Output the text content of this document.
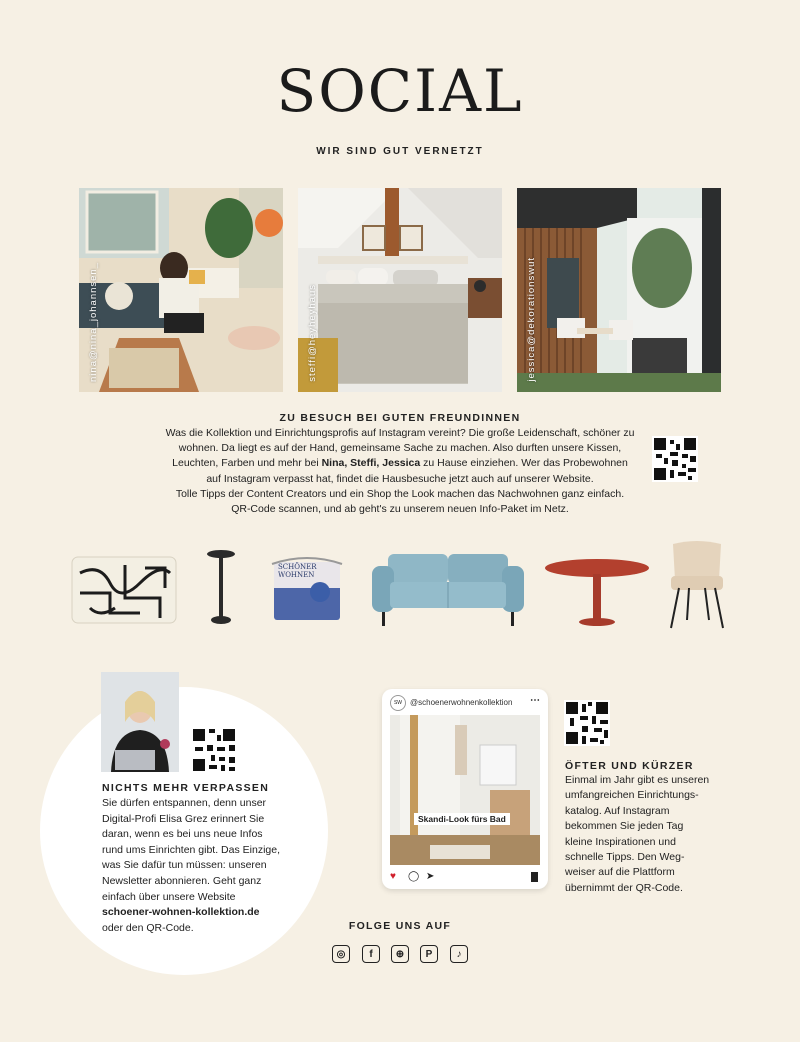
SOCIAL
WIR SIND GUT VERNETZT
nina@nina_johannsen_	steffi@heyheyhaus	jessica@dekorationswut
ZU BESUCH BEI GUTEN FREUNDINNEN
Was die Kollektion und Einrichtungsprofis auf Instagram vereint? Die große Leidenschaft, schöner zu
wohnen. Da liegt es auf der Hand, gemeinsame Sache zu machen. Also durften unsere Kissen,
Leuchten, Farben und mehr bei Nina, Steffi, Jessica zu Hause einziehen. Wer das Probewohnen
auf Instagram verpasst hat, findet die Hausbesuche jetzt auch auf unserer Website.
Tolle Tipps der Content Creators und ein Shop the Look machen das Nachwohnen ganz einfach.
QR-Code scannen, und ab geht's zu unserem neuen Info-Paket im Netz.
SCHÖNER
WOHNEN
NICHTS MEHR VERPASSEN
Sie dürfen entspannen, denn unser
Digital-Profi Elisa Grez erinnert Sie
daran, wenn es bei uns neue Infos
rund ums Einrichten gibt. Das Einzige,
was Sie dafür tun müssen: unseren
Newsletter abonnieren. Geht ganz
einfach über unsere Website
schoener-wohnen-kollektion.de
oder den QR-Code.
SW @schoenerwohnenkollektion ⋯
Skandi-Look fürs Bad
♥ ◯ ➤
ÖFTER UND KÜRZER
Einmal im Jahr gibt es unseren
umfangreichen Einrichtungs-
katalog. Auf Instagram
bekommen Sie jeden Tag
kleine Inspirationen und
schnelle Tipps. Den Weg-
weiser auf die Plattform
übernimmt der QR-Code.
FOLGE UNS AUF
◎	f	⊕	P	♪
